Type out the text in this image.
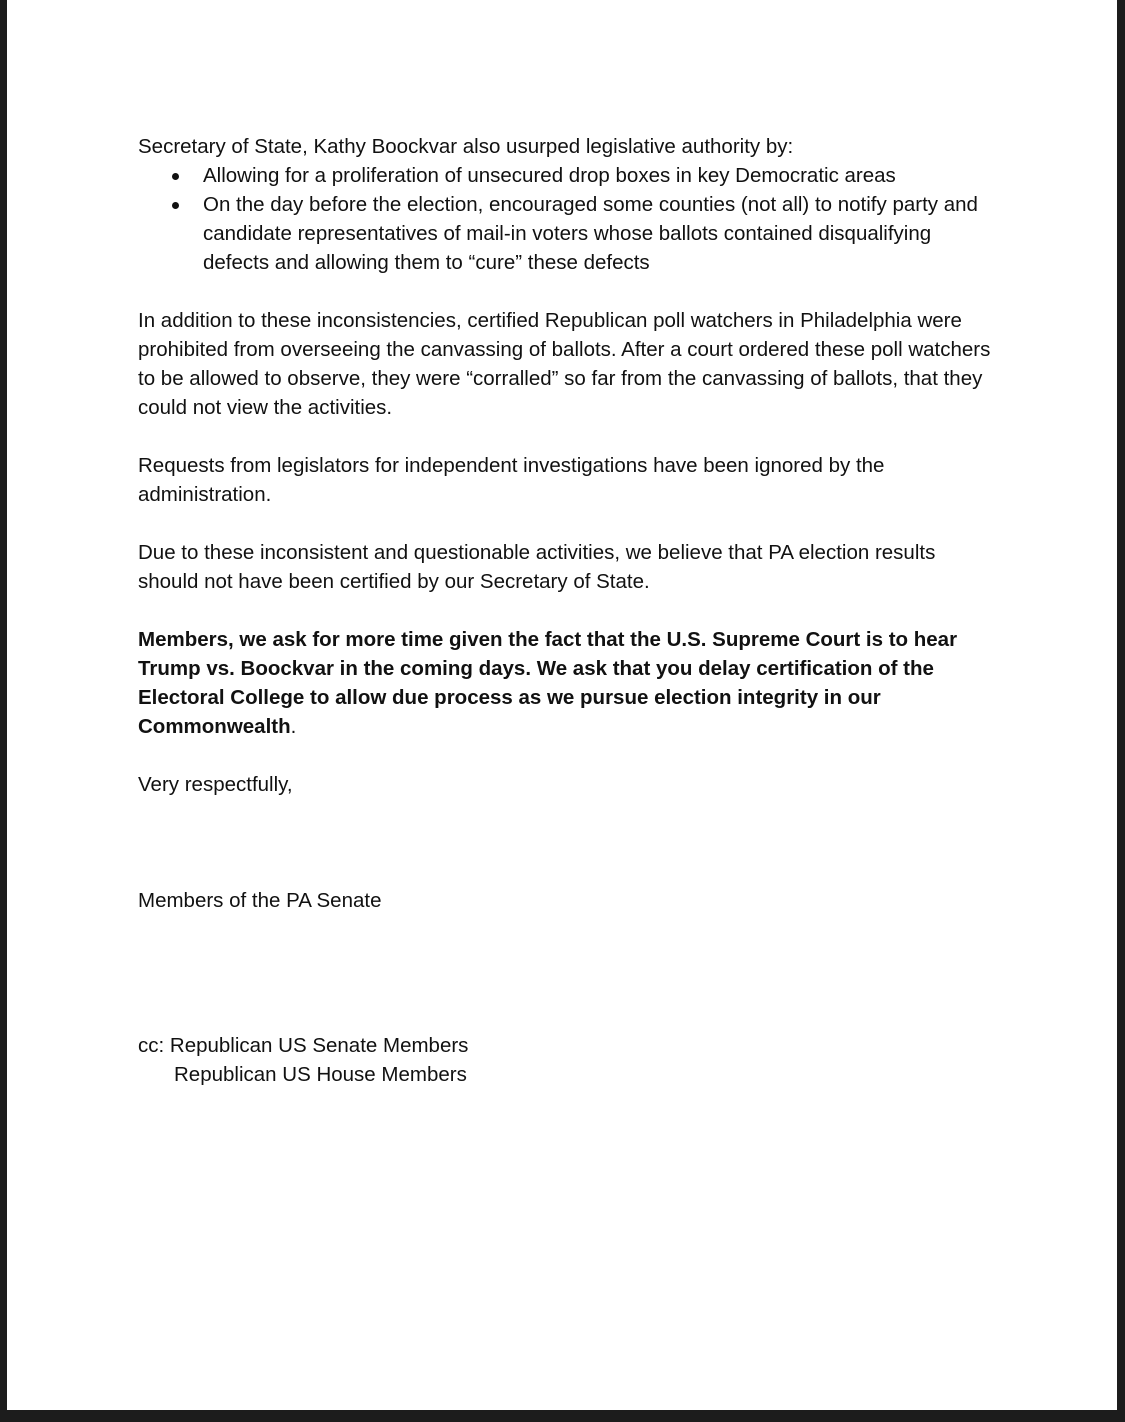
Secretary of State, Kathy Boockvar also usurped legislative authority by:

Allowing for a proliferation of unsecured drop boxes in key Democratic areas
On the day before the election, encouraged some counties (not all) to notify party and candidate representatives of mail-in voters whose ballots contained disqualifying defects and allowing them to “cure” these defects

In addition to these inconsistencies, certified Republican poll watchers in Philadelphia were prohibited from overseeing the canvassing of ballots. After a court ordered these poll watchers to be allowed to observe, they were “corralled” so far from the canvassing of ballots, that they could not view the activities.

Requests from legislators for independent investigations have been ignored by the administration.

Due to these inconsistent and questionable activities, we believe that PA election results should not have been certified by our Secretary of State.

Members, we ask for more time given the fact that the U.S. Supreme Court is to hear Trump vs. Boockvar in the coming days. We ask that you delay certification of the Electoral College to allow due process as we pursue election integrity in our Commonwealth.

Very respectfully,

Members of the PA Senate

cc: Republican US Senate Members

Republican US House Members
